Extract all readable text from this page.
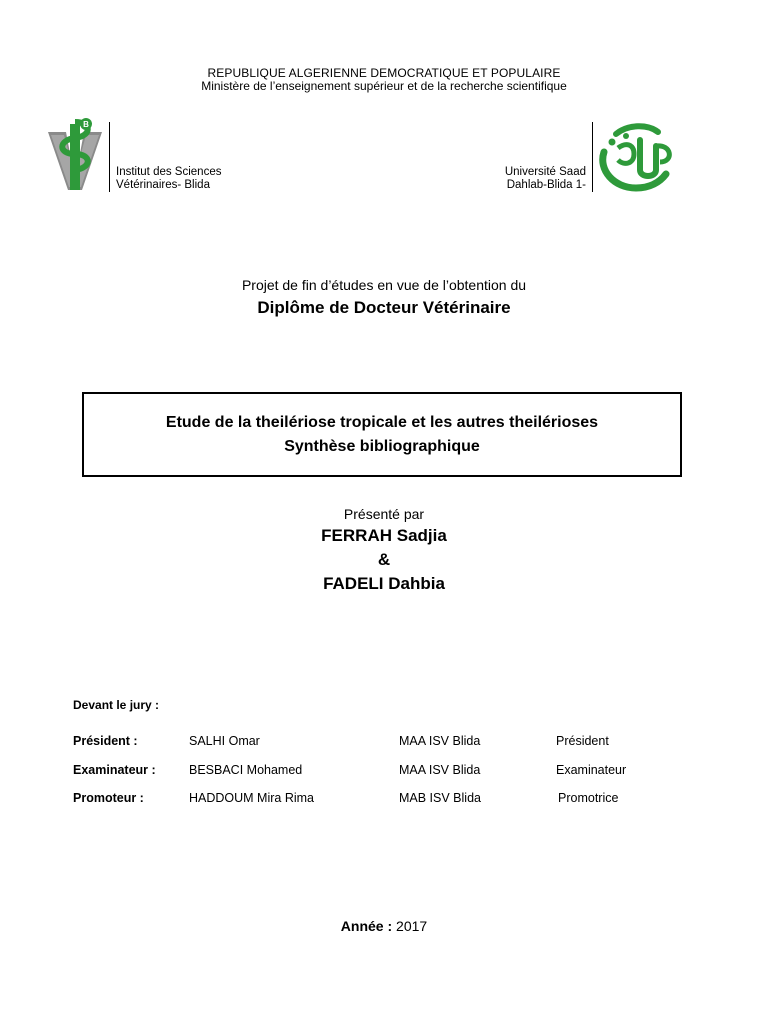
REPUBLIQUE ALGERIENNE DEMOCRATIQUE ET POPULAIRE
Ministère de l’enseignement supérieur et de la recherche scientifique
B
Institut des Sciences
Vétérinaires- Blida
Université Saad
Dahlab-Blida 1-
Projet de fin d’études en vue de l’obtention du
Diplôme de Docteur Vétérinaire
Etude de la theilériose tropicale et les autres theilérioses
Synthèse bibliographique
Présenté par
FERRAH Sadjia
&
FADELI Dahbia
Devant le jury :
Président :	SALHI Omar	MAA ISV Blida	Président
Examinateur :	BESBACI Mohamed	MAA ISV Blida	Examinateur
Promoteur :	HADDOUM Mira Rima	MAB ISV Blida	Promotrice
Année : 2017
